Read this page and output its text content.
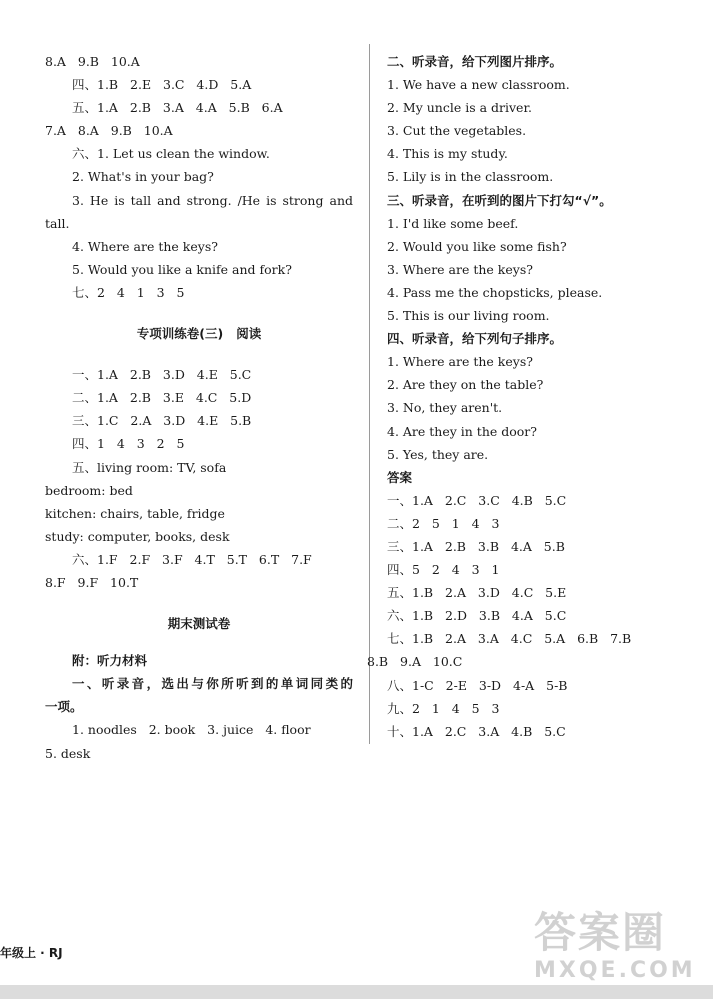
8.A   9.B   10.A
四、1.B   2.E   3.C   4.D   5.A
五、1.A   2.B   3.A   4.A   5.B   6.A
7.A   8.A   9.B   10.A
六、1. Let us clean the window.
2. What's in your bag?
3. He is tall and strong. /He is strong and
tall.
4. Where are the keys?
5. Would you like a knife and fork?
七、2   4   1   3   5
专项训练卷(三)   阅读
一、1.A   2.B   3.D   4.E   5.C
二、1.A   2.B   3.E   4.C   5.D
三、1.C   2.A   3.D   4.E   5.B
四、1   4   3   2   5
五、living room: TV, sofa
bedroom: bed
kitchen: chairs, table, fridge
study: computer, books, desk
六、1.F   2.F   3.F   4.T   5.T   6.T   7.F
8.F   9.F   10.T
期末测试卷
附：听力材料
一、听录音，选出与你所听到的单词同类的
一项。
1. noodles   2. book   3. juice   4. floor
5. desk
二、听录音，给下列图片排序。
1. We have a new classroom.
2. My uncle is a driver.
3. Cut the vegetables.
4. This is my study.
5. Lily is in the classroom.
三、听录音，在听到的图片下打勾“√”。
1. I'd like some beef.
2. Would you like some fish?
3. Where are the keys?
4. Pass me the chopsticks, please.
5. This is our living room.
四、听录音，给下列句子排序。
1. Where are the keys?
2. Are they on the table?
3. No, they aren't.
4. Are they in the door?
5. Yes, they are.
答案
一、1.A   2.C   3.C   4.B   5.C
二、2   5   1   4   3
三、1.A   2.B   3.B   4.A   5.B
四、5   2   4   3   1
五、1.B   2.A   3.D   4.C   5.E
六、1.B   2.D   3.B   4.A   5.C
七、1.B   2.A   3.A   4.C   5.A   6.B   7.B
8.B   9.A   10.C
八、1-C   2-E   3-D   4-A   5-B
九、2   1   4   5   3
十、1.A   2.C   3.A   4.B   5.C
年级上 · RJ	答案圈
MXQE.COM
